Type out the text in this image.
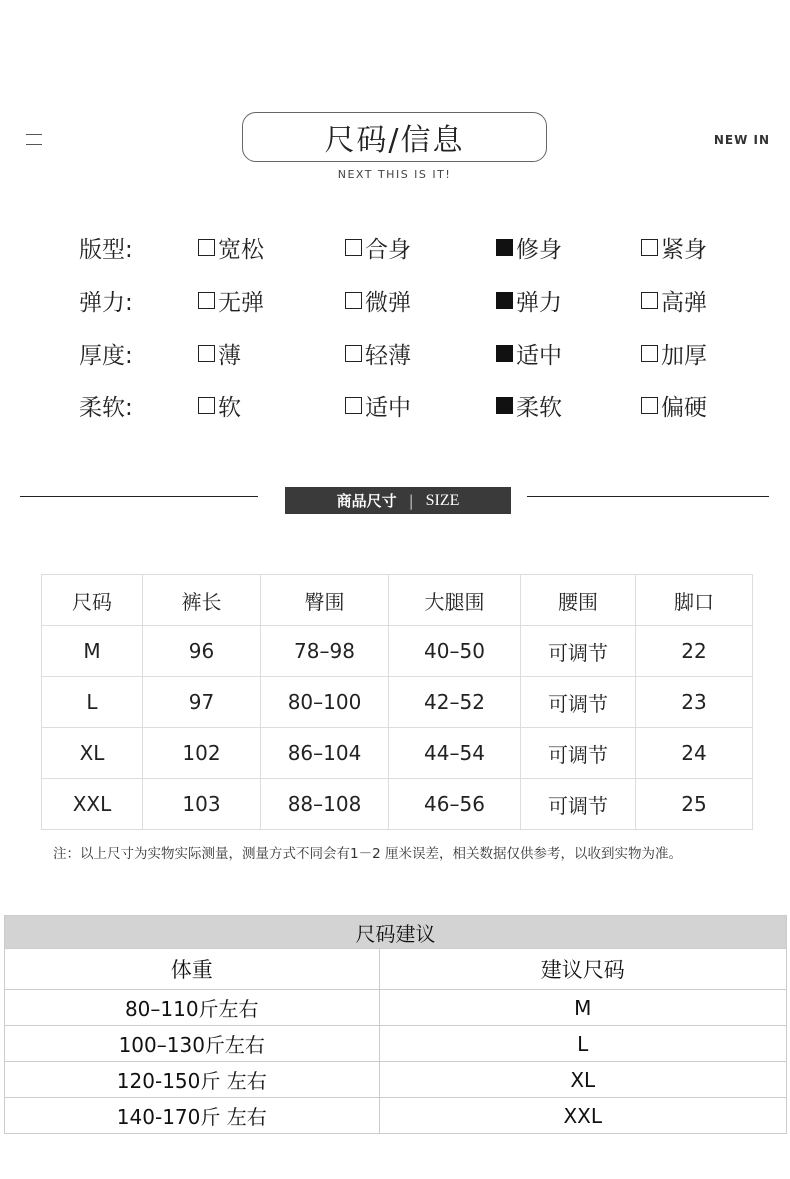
尺码/信息
NEXT THIS IS IT!
NEW IN
版型:	宽松	合身	修身	紧身
弹力:	无弹	微弹	弹力	高弹
厚度:	薄	轻薄	适中	加厚
柔软:	软	适中	柔软	偏硬
商品尺寸 | SIZE
尺码	裤长	臀围	大腿围	腰围	脚口
M	96	78–98	40–50	可调节	22
L	97	80–100	42–52	可调节	23
XL	102	86–104	44–54	可调节	24
XXL	103	88–108	46–56	可调节	25
注：以上尺寸为实物实际测量，测量方式不同会有1－2 厘米误差，相关数据仅供参考，以收到实物为准。
尺码建议	
体重	建议尺码
80–110斤左右	M
100–130斤左右	L
120-150斤 左右	XL
140-170斤 左右	XXL
